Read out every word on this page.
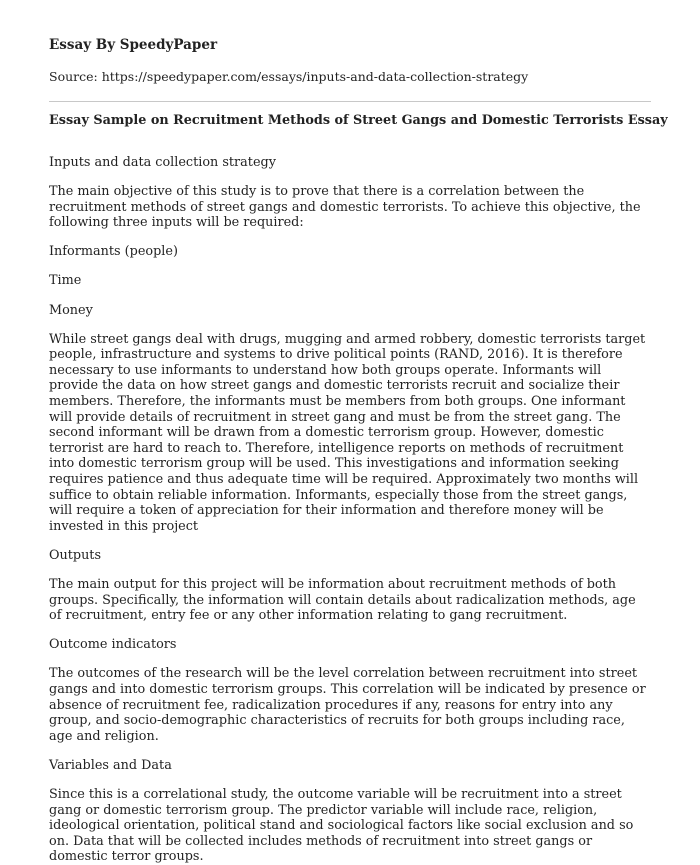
Essay By SpeedyPaper
Source: https://speedypaper.com/essays/inputs-and-data-collection-strategy
Essay Sample on Recruitment Methods of Street Gangs and Domestic Terrorists Essay

Inputs and data collection strategy

The main objective of this study is to prove that there is a correlation between the recruitment methods of street gangs and domestic terrorists. To achieve this objective, the following three inputs will be required:

Informants (people)

Time

Money

While street gangs deal with drugs, mugging and armed robbery, domestic terrorists target people, infrastructure and systems to drive political points (RAND, 2016). It is therefore necessary to use informants to understand how both groups operate. Informants will provide the data on how street gangs and domestic terrorists recruit and socialize their members. Therefore, the informants must be members from both groups. One informant will provide details of recruitment in street gang and must be from the street gang. The second informant will be drawn from a domestic terrorism group. However, domestic terrorist are hard to reach to. Therefore, intelligence reports on methods of recruitment into domestic terrorism group will be used. This investigations and information seeking requires patience and thus adequate time will be required. Approximately two months will suffice to obtain reliable information. Informants, especially those from the street gangs, will require a token of appreciation for their information and therefore money will be invested in this project

Outputs

The main output for this project will be information about recruitment methods of both groups. Specifically, the information will contain details about radicalization methods, age of recruitment, entry fee or any other information relating to gang recruitment.

Outcome indicators

The outcomes of the research will be the level correlation between recruitment into street gangs and into domestic terrorism groups. This correlation will be indicated by presence or absence of recruitment fee, radicalization procedures if any, reasons for entry into any group, and socio-demographic characteristics of recruits for both groups including race, age and religion.

Variables and Data

Since this is a correlational study, the outcome variable will be recruitment into a street gang or domestic terrorism group. The predictor variable will include race, religion, ideological orientation, political stand and sociological factors like social exclusion and so on. Data that will be collected includes methods of recruitment into street gangs or domestic terror groups.
